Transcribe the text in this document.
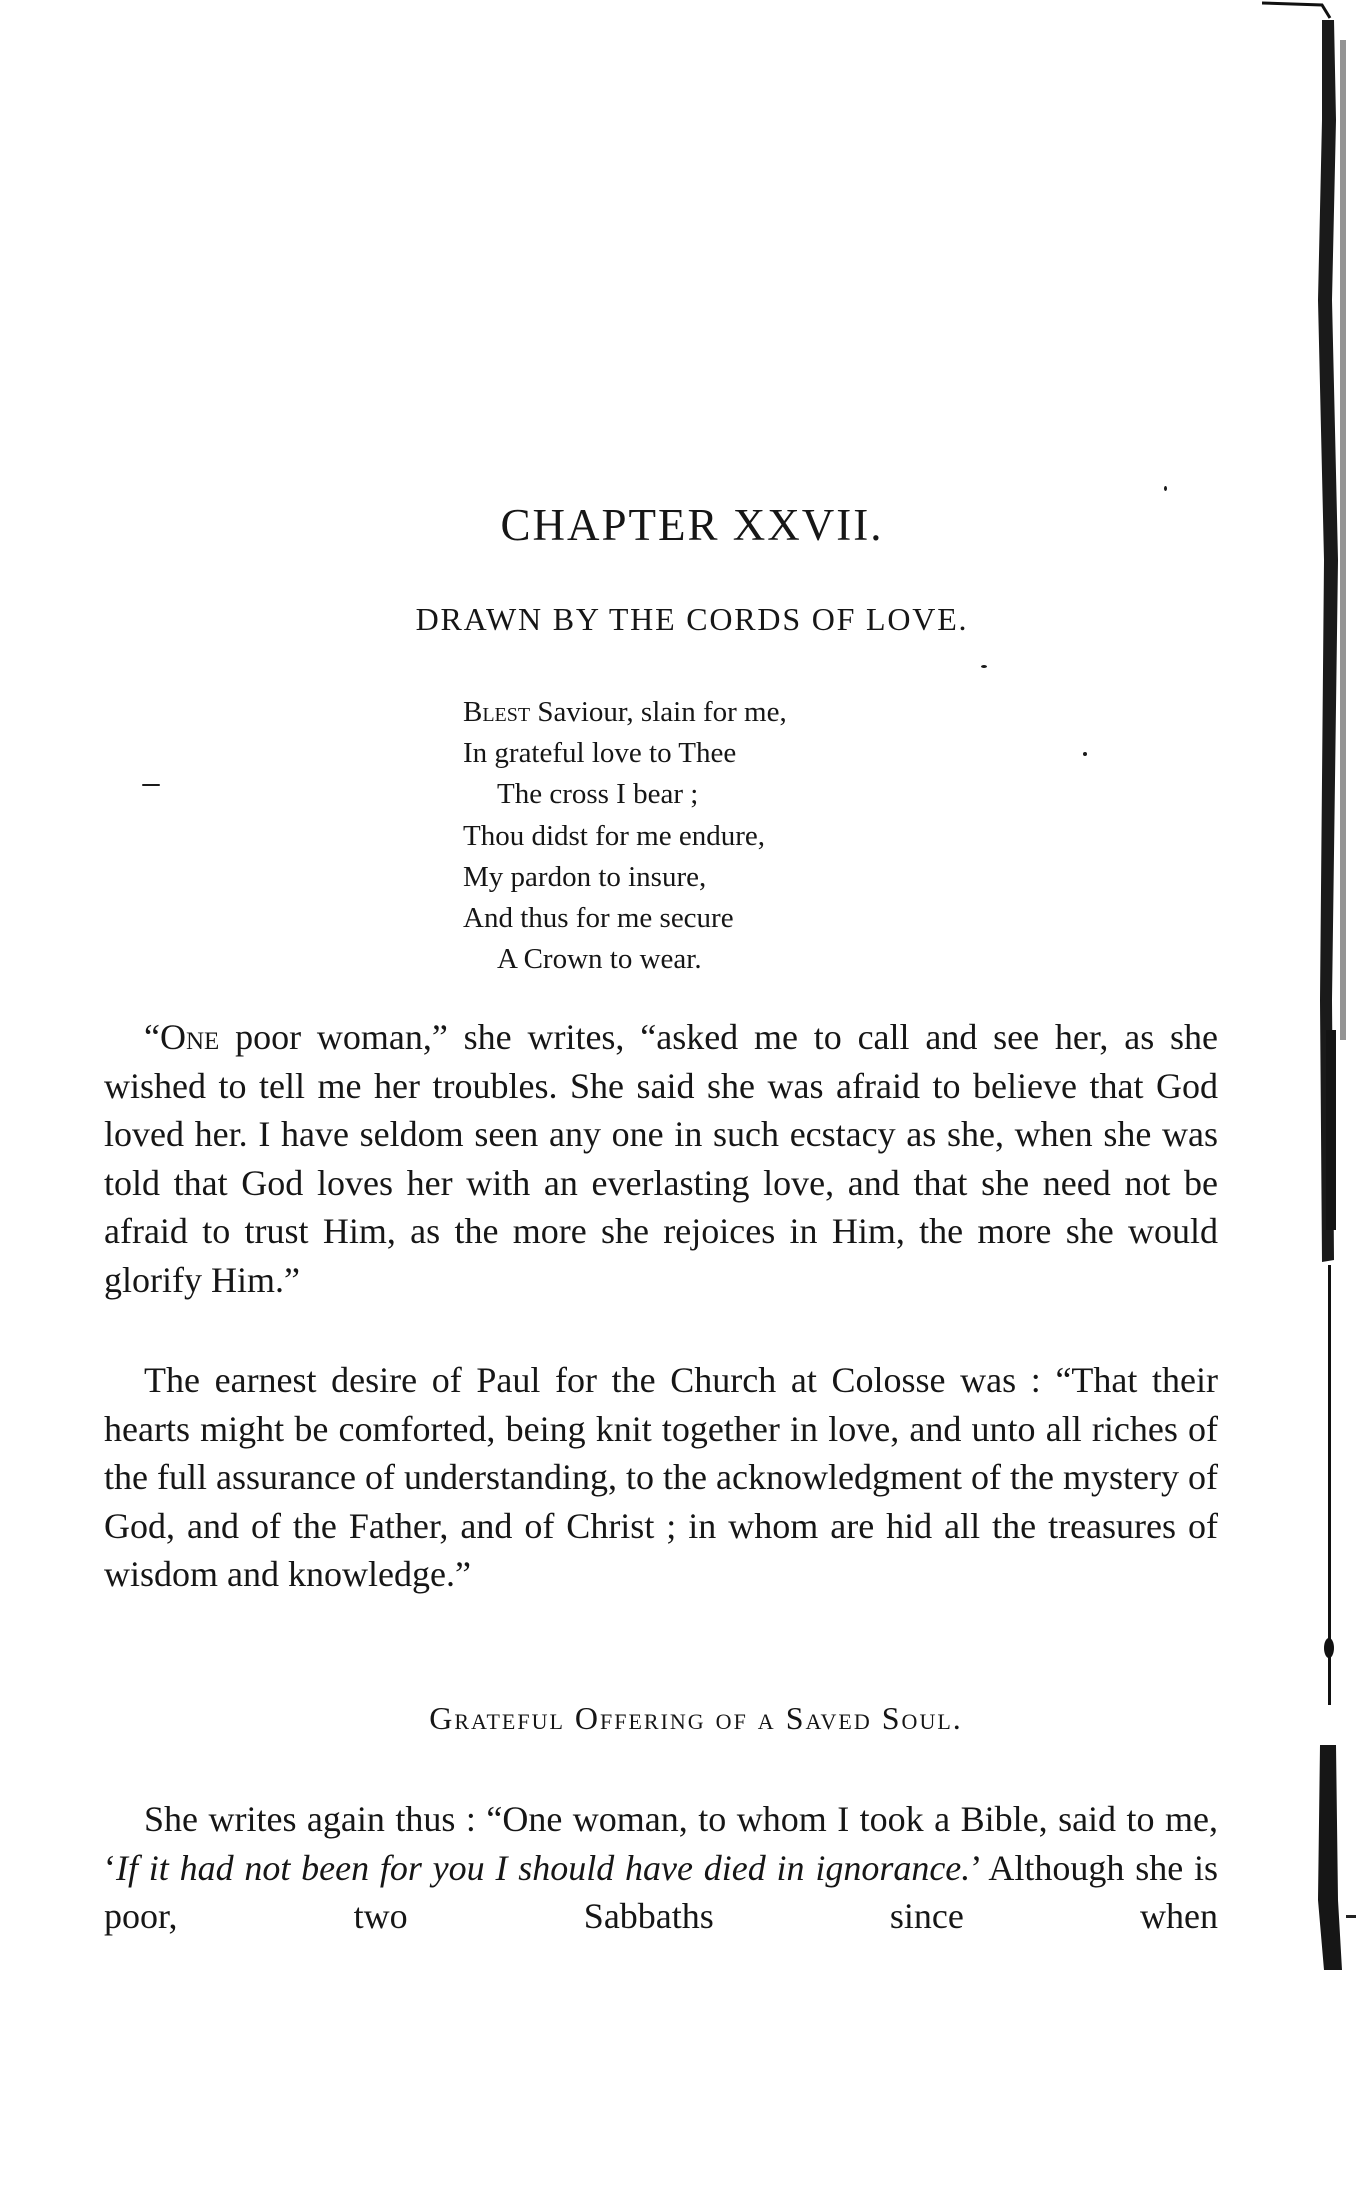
CHAPTER XXVII.
DRAWN BY THE CORDS OF LOVE.
Blest Saviour, slain for me,
In grateful love to Thee
The cross I bear ;
Thou didst for me endure,
My pardon to insure,
And thus for me secure
A Crown to wear.

“One poor woman,” she writes, “asked me to call and see her, as she wished to tell me her troubles. She said she was afraid to believe that God loved her. I have seldom seen any one in such ecstacy as she, when she was told that God loves her with an everlasting love, and that she need not be afraid to trust Him, as the more she rejoices in Him, the more she would glorify Him.”

The earnest desire of Paul for the Church at Colosse was : “That their hearts might be comforted, being knit together in love, and unto all riches of the full assurance of understanding, to the acknowledgment of the mystery of God, and of the Father, and of Christ ; in whom are hid all the treasures of wisdom and knowledge.”

Grateful Offering of a Saved Soul.

She writes again thus : “One woman, to whom I took a Bible, said to me, ‘If it had not been for you I should have died in ignorance.’ Although she is poor, two Sabbaths since when
